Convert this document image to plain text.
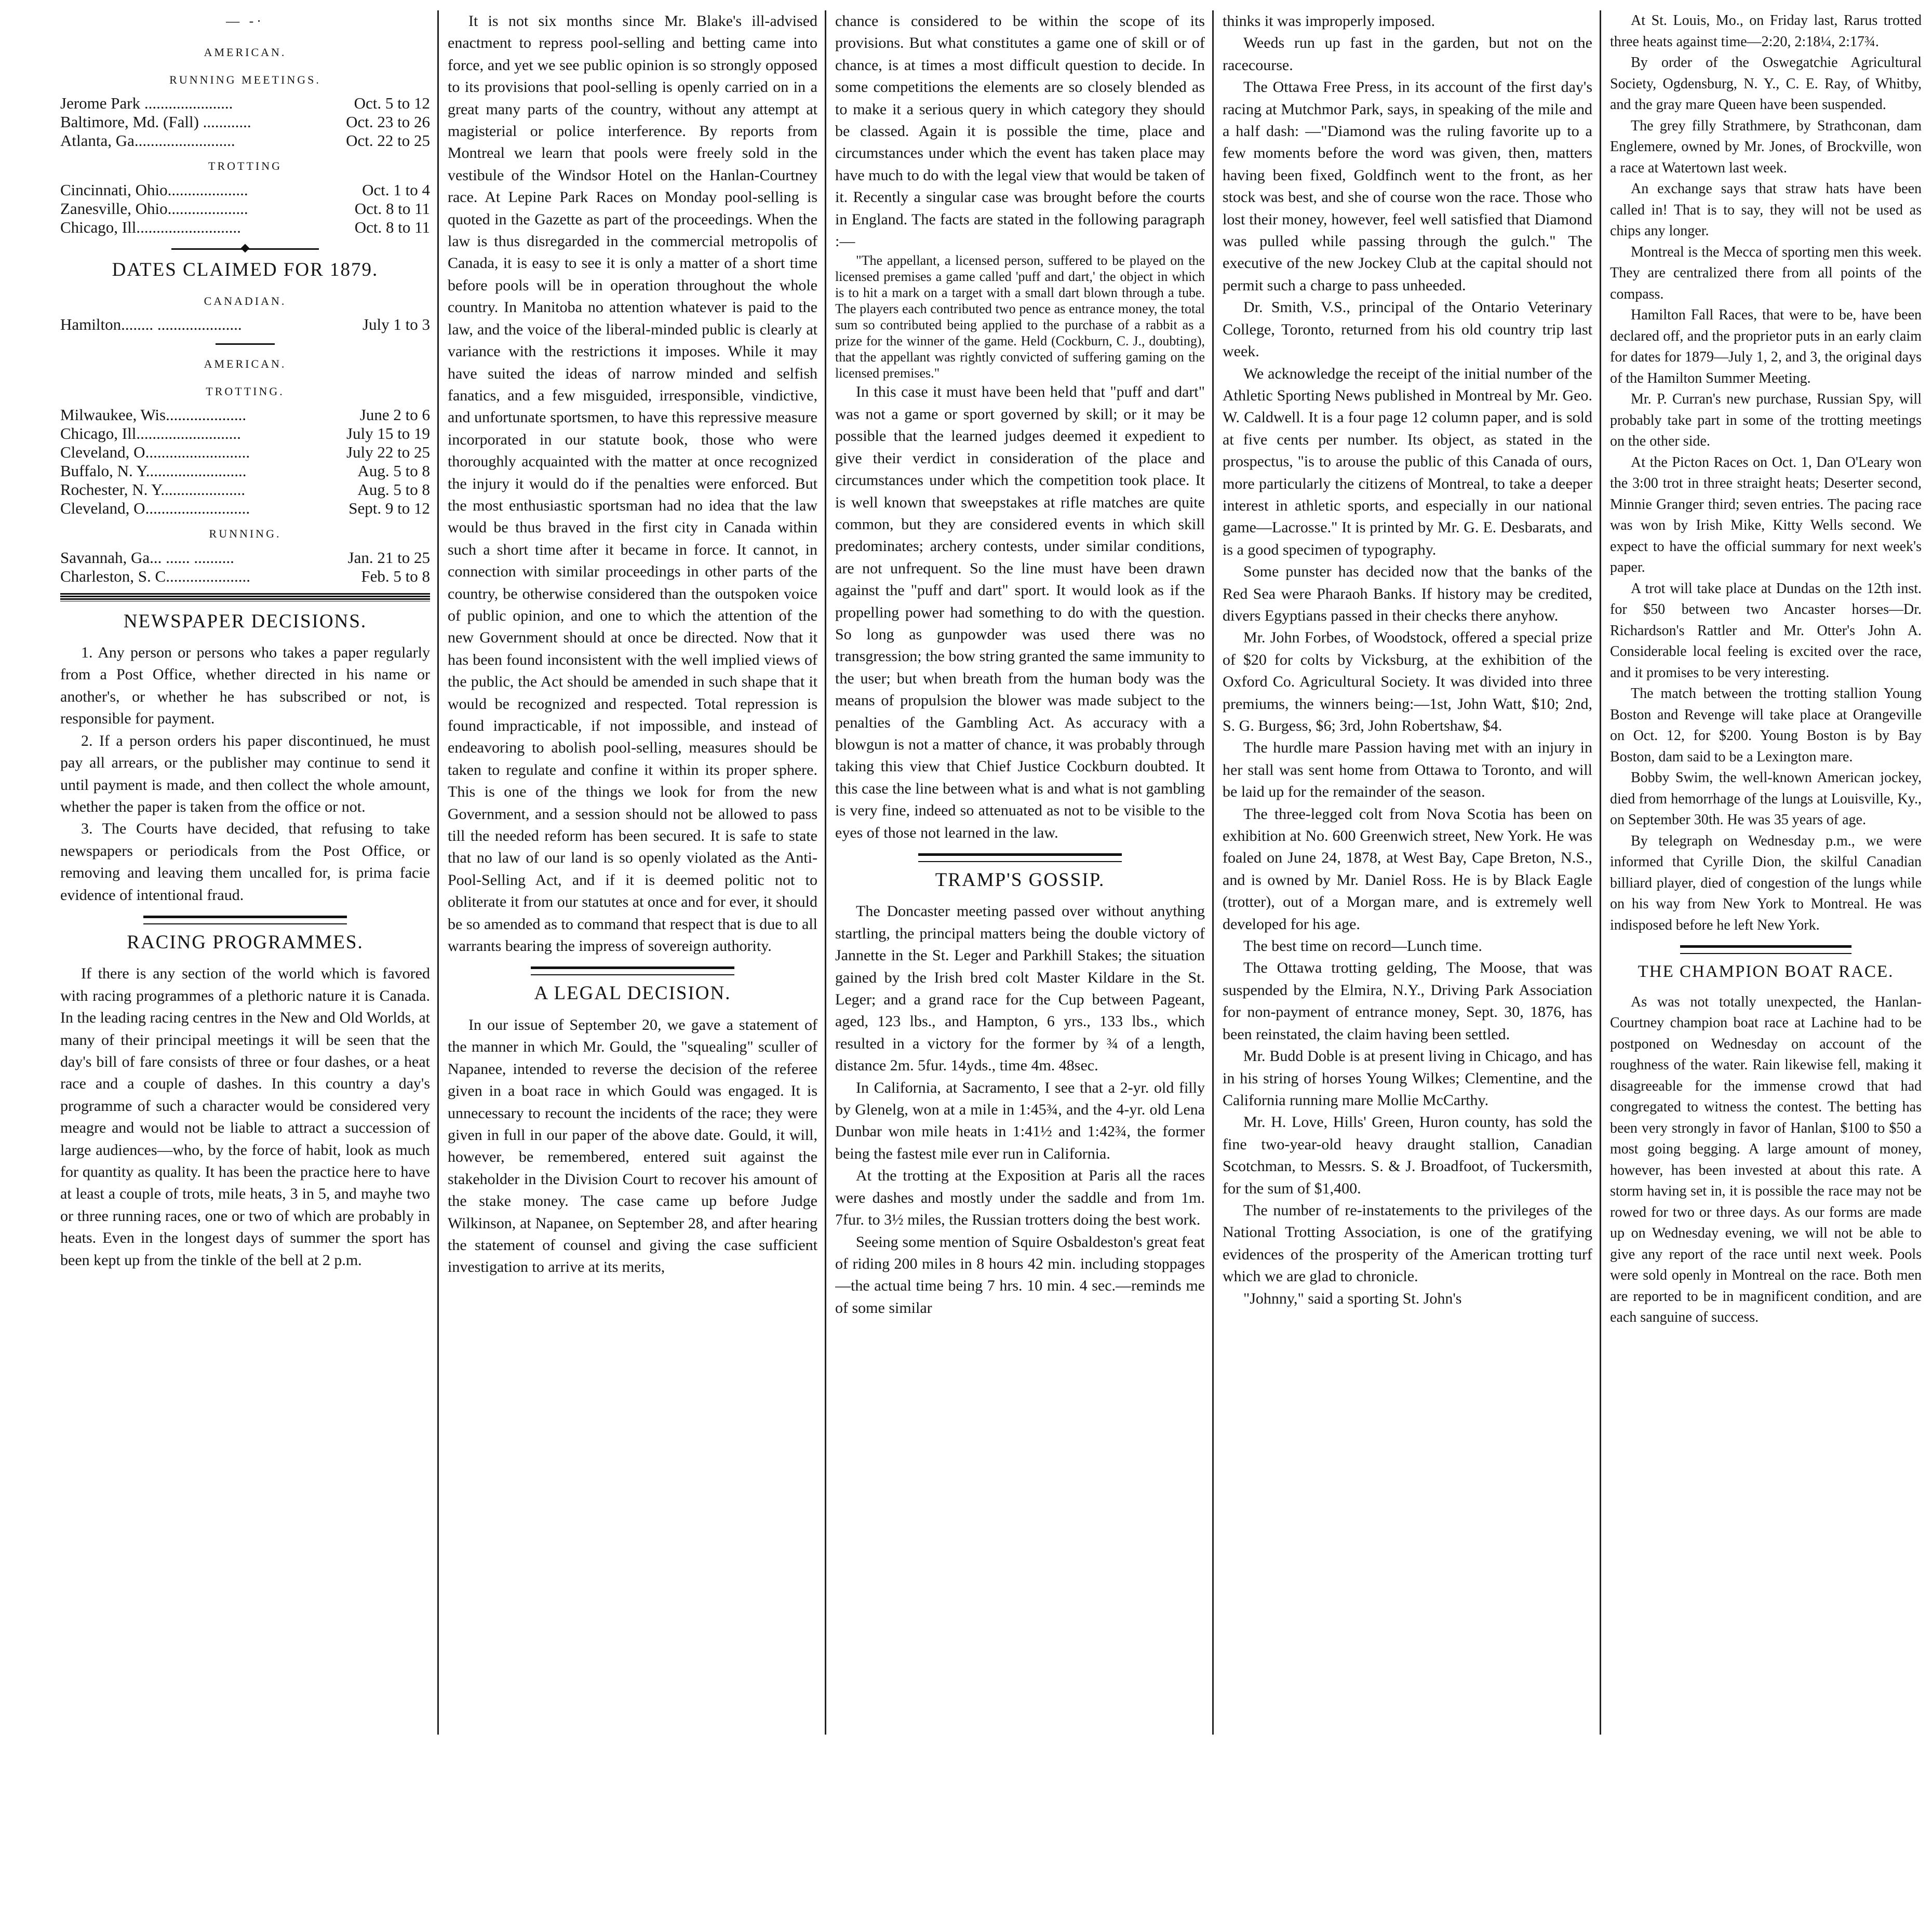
— -·
AMERICAN.
RUNNING MEETINGS.
Jerome Park ......................	Oct. 5 to 12
Baltimore, Md. (Fall) ............	Oct. 23 to 26
Atlanta, Ga.........................	Oct. 22 to 25
TROTTING
Cincinnati, Ohio....................	Oct. 1 to 4
Zanesville, Ohio....................	Oct. 8 to 11
Chicago, Ill..........................	Oct. 8 to 11
DATES CLAIMED FOR 1879.
CANADIAN.
Hamilton........ .....................	July 1 to 3
AMERICAN.
TROTTING.
Milwaukee, Wis....................	June 2 to 6
Chicago, Ill..........................	July 15 to 19
Cleveland, O..........................	July 22 to 25
Buffalo, N. Y.........................	Aug. 5 to 8
Rochester, N. Y.....................	Aug. 5 to 8
Cleveland, O..........................	Sept. 9 to 12
RUNNING.
Savannah, Ga... ...... ..........	Jan. 21 to 25
Charleston, S. C.....................	Feb. 5 to 8
NEWSPAPER DECISIONS.

1. Any person or persons who takes a paper regularly from a Post Office, whether directed in his name or another's, or whether he has subscribed or not, is responsible for payment.

2. If a person orders his paper discontinued, he must pay all arrears, or the publisher may continue to send it until payment is made, and then collect the whole amount, whether the paper is taken from the office or not.

3. The Courts have decided, that refusing to take newspapers or periodicals from the Post Office, or removing and leaving them uncalled for, is prima facie evidence of intentional fraud.

RACING PROGRAMMES.

If there is any section of the world which is favored with racing programmes of a plethoric nature it is Canada. In the leading racing centres in the New and Old Worlds, at many of their principal meetings it will be seen that the day's bill of fare consists of three or four dashes, or a heat race and a couple of dashes. In this country a day's programme of such a character would be considered very meagre and would not be liable to attract a succession of large audiences—who, by the force of habit, look as much for quantity as quality. It has been the practice here to have at least a couple of trots, mile heats, 3 in 5, and mayhe two or three running races, one or two of which are probably in heats. Even in the longest days of summer the sport has been kept up from the tinkle of the bell at 2 p.m.

It is not six months since Mr. Blake's ill-advised enactment to repress pool-selling and betting came into force, and yet we see public opinion is so strongly opposed to its provisions that pool-selling is openly carried on in a great many parts of the country, without any attempt at magisterial or police interference. By reports from Montreal we learn that pools were freely sold in the vestibule of the Windsor Hotel on the Hanlan-Courtney race. At Lepine Park Races on Monday pool-selling is quoted in the Gazette as part of the proceedings. When the law is thus disregarded in the commercial metropolis of Canada, it is easy to see it is only a matter of a short time before pools will be in operation throughout the whole country. In Manitoba no attention whatever is paid to the law, and the voice of the liberal-minded public is clearly at variance with the restrictions it imposes. While it may have suited the ideas of narrow minded and selfish fanatics, and a few misguided, irresponsible, vindictive, and unfortunate sportsmen, to have this repressive measure incorporated in our statute book, those who were thoroughly acquainted with the matter at once recognized the injury it would do if the penalties were enforced. But the most enthusiastic sportsman had no idea that the law would be thus braved in the first city in Canada within such a short time after it became in force. It cannot, in connection with similar proceedings in other parts of the country, be otherwise considered than the outspoken voice of public opinion, and one to which the attention of the new Government should at once be directed. Now that it has been found inconsistent with the well implied views of the public, the Act should be amended in such shape that it would be recognized and respected. Total repression is found impracticable, if not impossible, and instead of endeavoring to abolish pool-selling, measures should be taken to regulate and confine it within its proper sphere. This is one of the things we look for from the new Government, and a session should not be allowed to pass till the needed reform has been secured. It is safe to state that no law of our land is so openly violated as the Anti-Pool-Selling Act, and if it is deemed politic not to obliterate it from our statutes at once and for ever, it should be so amended as to command that respect that is due to all warrants bearing the impress of sovereign authority.

A LEGAL DECISION.

In our issue of September 20, we gave a statement of the manner in which Mr. Gould, the "squealing" sculler of Napanee, intended to reverse the decision of the referee given in a boat race in which Gould was engaged. It is unnecessary to recount the incidents of the race; they were given in full in our paper of the above date. Gould, it will, however, be remembered, entered suit against the stakeholder in the Division Court to recover his amount of the stake money. The case came up before Judge Wilkinson, at Napanee, on September 28, and after hearing the statement of counsel and giving the case sufficient investigation to arrive at its merits,

chance is considered to be within the scope of its provisions. But what constitutes a game one of skill or of chance, is at times a most difficult question to decide. In some competitions the elements are so closely blended as to make it a serious query in which category they should be classed. Again it is possible the time, place and circumstances under which the event has taken place may have much to do with the legal view that would be taken of it. Recently a singular case was brought before the courts in England. The facts are stated in the following paragraph :—

"The appellant, a licensed person, suffered to be played on the licensed premises a game called 'puff and dart,' the object in which is to hit a mark on a target with a small dart blown through a tube. The players each contributed two pence as entrance money, the total sum so contributed being applied to the purchase of a rabbit as a prize for the winner of the game. Held (Cockburn, C. J., doubting), that the appellant was rightly convicted of suffering gaming on the licensed premises."

In this case it must have been held that "puff and dart" was not a game or sport governed by skill; or it may be possible that the learned judges deemed it expedient to give their verdict in consideration of the place and circumstances under which the competition took place. It is well known that sweepstakes at rifle matches are quite common, but they are considered events in which skill predominates; archery contests, under similar conditions, are not unfrequent. So the line must have been drawn against the "puff and dart" sport. It would look as if the propelling power had something to do with the question. So long as gunpowder was used there was no transgression; the bow string granted the same immunity to the user; but when breath from the human body was the means of propulsion the blower was made subject to the penalties of the Gambling Act. As accuracy with a blowgun is not a matter of chance, it was probably through taking this view that Chief Justice Cockburn doubted. It this case the line between what is and what is not gambling is very fine, indeed so attenuated as not to be visible to the eyes of those not learned in the law.

TRAMP'S GOSSIP.

The Doncaster meeting passed over without anything startling, the principal matters being the double victory of Jannette in the St. Leger and Parkhill Stakes; the situation gained by the Irish bred colt Master Kildare in the St. Leger; and a grand race for the Cup between Pageant, aged, 123 lbs., and Hampton, 6 yrs., 133 lbs., which resulted in a victory for the former by ¾ of a length, distance 2m. 5fur. 14yds., time 4m. 48sec.

In California, at Sacramento, I see that a 2-yr. old filly by Glenelg, won at a mile in 1:45¾, and the 4-yr. old Lena Dunbar won mile heats in 1:41½ and 1:42¾, the former being the fastest mile ever run in California.

At the trotting at the Exposition at Paris all the races were dashes and mostly under the saddle and from 1m. 7fur. to 3½ miles, the Russian trotters doing the best work.

Seeing some mention of Squire Osbaldeston's great feat of riding 200 miles in 8 hours 42 min. including stoppages—the actual time being 7 hrs. 10 min. 4 sec.—reminds me of some similar

thinks it was improperly imposed.

Weeds run up fast in the garden, but not on the racecourse.

The Ottawa Free Press, in its account of the first day's racing at Mutchmor Park, says, in speaking of the mile and a half dash: —"Diamond was the ruling favorite up to a few moments before the word was given, then, matters having been fixed, Goldfinch went to the front, as her stock was best, and she of course won the race. Those who lost their money, however, feel well satisfied that Diamond was pulled while passing through the gulch." The executive of the new Jockey Club at the capital should not permit such a charge to pass unheeded.

Dr. Smith, V.S., principal of the Ontario Veterinary College, Toronto, returned from his old country trip last week.

We acknowledge the receipt of the initial number of the Athletic Sporting News published in Montreal by Mr. Geo. W. Caldwell. It is a four page 12 column paper, and is sold at five cents per number. Its object, as stated in the prospectus, "is to arouse the public of this Canada of ours, more particularly the citizens of Montreal, to take a deeper interest in athletic sports, and especially in our national game—Lacrosse." It is printed by Mr. G. E. Desbarats, and is a good specimen of typography.

Some punster has decided now that the banks of the Red Sea were Pharaoh Banks. If history may be credited, divers Egyptians passed in their checks there anyhow.

Mr. John Forbes, of Woodstock, offered a special prize of $20 for colts by Vicksburg, at the exhibition of the Oxford Co. Agricultural Society. It was divided into three premiums, the winners being:—1st, John Watt, $10; 2nd, S. G. Burgess, $6; 3rd, John Robertshaw, $4.

The hurdle mare Passion having met with an injury in her stall was sent home from Ottawa to Toronto, and will be laid up for the remainder of the season.

The three-legged colt from Nova Scotia has been on exhibition at No. 600 Greenwich street, New York. He was foaled on June 24, 1878, at West Bay, Cape Breton, N.S., and is owned by Mr. Daniel Ross. He is by Black Eagle (trotter), out of a Morgan mare, and is extremely well developed for his age.

The best time on record—Lunch time.

The Ottawa trotting gelding, The Moose, that was suspended by the Elmira, N.Y., Driving Park Association for non-payment of entrance money, Sept. 30, 1876, has been reinstated, the claim having been settled.

Mr. Budd Doble is at present living in Chicago, and has in his string of horses Young Wilkes; Clementine, and the California running mare Mollie McCarthy.

Mr. H. Love, Hills' Green, Huron county, has sold the fine two-year-old heavy draught stallion, Canadian Scotchman, to Messrs. S. & J. Broadfoot, of Tuckersmith, for the sum of $1,400.

The number of re-instatements to the privileges of the National Trotting Association, is one of the gratifying evidences of the prosperity of the American trotting turf which we are glad to chronicle.

"Johnny," said a sporting St. John's

At St. Louis, Mo., on Friday last, Rarus trotted three heats against time—2:20, 2:18¼, 2:17¾.

By order of the Oswegatchie Agricultural Society, Ogdensburg, N. Y., C. E. Ray, of Whitby, and the gray mare Queen have been suspended.

The grey filly Strathmere, by Strathconan, dam Englemere, owned by Mr. Jones, of Brockville, won a race at Watertown last week.

An exchange says that straw hats have been called in! That is to say, they will not be used as chips any longer.

Montreal is the Mecca of sporting men this week. They are centralized there from all points of the compass.

Hamilton Fall Races, that were to be, have been declared off, and the proprietor puts in an early claim for dates for 1879—July 1, 2, and 3, the original days of the Hamilton Summer Meeting.

Mr. P. Curran's new purchase, Russian Spy, will probably take part in some of the trotting meetings on the other side.

At the Picton Races on Oct. 1, Dan O'Leary won the 3:00 trot in three straight heats; Deserter second, Minnie Granger third; seven entries. The pacing race was won by Irish Mike, Kitty Wells second. We expect to have the official summary for next week's paper.

A trot will take place at Dundas on the 12th inst. for $50 between two Ancaster horses—Dr. Richardson's Rattler and Mr. Otter's John A. Considerable local feeling is excited over the race, and it promises to be very interesting.

The match between the trotting stallion Young Boston and Revenge will take place at Orangeville on Oct. 12, for $200. Young Boston is by Bay Boston, dam said to be a Lexington mare.

Bobby Swim, the well-known American jockey, died from hemorrhage of the lungs at Louisville, Ky., on September 30th. He was 35 years of age.

By telegraph on Wednesday p.m., we were informed that Cyrille Dion, the skilful Canadian billiard player, died of congestion of the lungs while on his way from New York to Montreal. He was indisposed before he left New York.

THE CHAMPION BOAT RACE.

As was not totally unexpected, the Hanlan-Courtney champion boat race at Lachine had to be postponed on Wednesday on account of the roughness of the water. Rain likewise fell, making it disagreeable for the immense crowd that had congregated to witness the contest. The betting has been very strongly in favor of Hanlan, $100 to $50 a most going begging. A large amount of money, however, has been invested at about this rate. A storm having set in, it is possible the race may not be rowed for two or three days. As our forms are made up on Wednesday evening, we will not be able to give any report of the race until next week. Pools were sold openly in Montreal on the race. Both men are reported to be in magnificent condition, and are each sanguine of success.
